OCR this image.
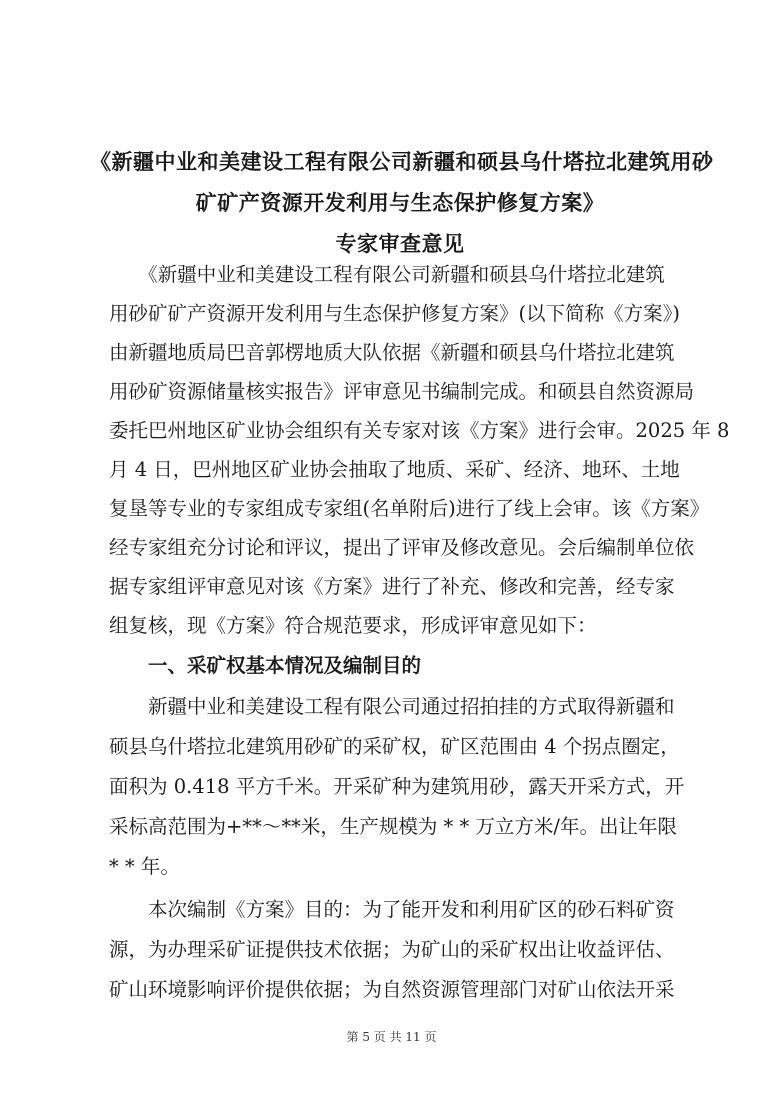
《新疆中业和美建设工程有限公司新疆和硕县乌什塔拉北建筑用砂
矿矿产资源开发利用与生态保护修复方案》
专家审查意见
　　《新疆中业和美建设工程有限公司新疆和硕县乌什塔拉北建筑
用砂矿矿产资源开发利用与生态保护修复方案》(以下简称《方案》)
由新疆地质局巴音郭楞地质大队依据《新疆和硕县乌什塔拉北建筑
用砂矿资源储量核实报告》评审意见书编制完成。和硕县自然资源局
委托巴州地区矿业协会组织有关专家对该《方案》进行会审。2025 年 8
月 4 日，巴州地区矿业协会抽取了地质、采矿、经济、地环、土地
复垦等专业的专家组成专家组(名单附后)进行了线上会审。该《方案》
经专家组充分讨论和评议，提出了评审及修改意见。会后编制单位依
据专家组评审意见对该《方案》进行了补充、修改和完善，经专家
组复核，现《方案》符合规范要求，形成评审意见如下：
　　一、采矿权基本情况及编制目的
　　新疆中业和美建设工程有限公司通过招拍挂的方式取得新疆和
硕县乌什塔拉北建筑用砂矿的采矿权，矿区范围由 4 个拐点圈定，
面积为 0.418 平方千米。开采矿种为建筑用砂，露天开采方式，开
采标高范围为+**～**米，生产规模为 * * 万立方米/年。出让年限
* * 年。
　　本次编制《方案》目的：为了能开发和利用矿区的砂石料矿资
源，为办理采矿证提供技术依据；为矿山的采矿权出让收益评估、
矿山环境影响评价提供依据；为自然资源管理部门对矿山依法开采
第 5 页 共 11 页
